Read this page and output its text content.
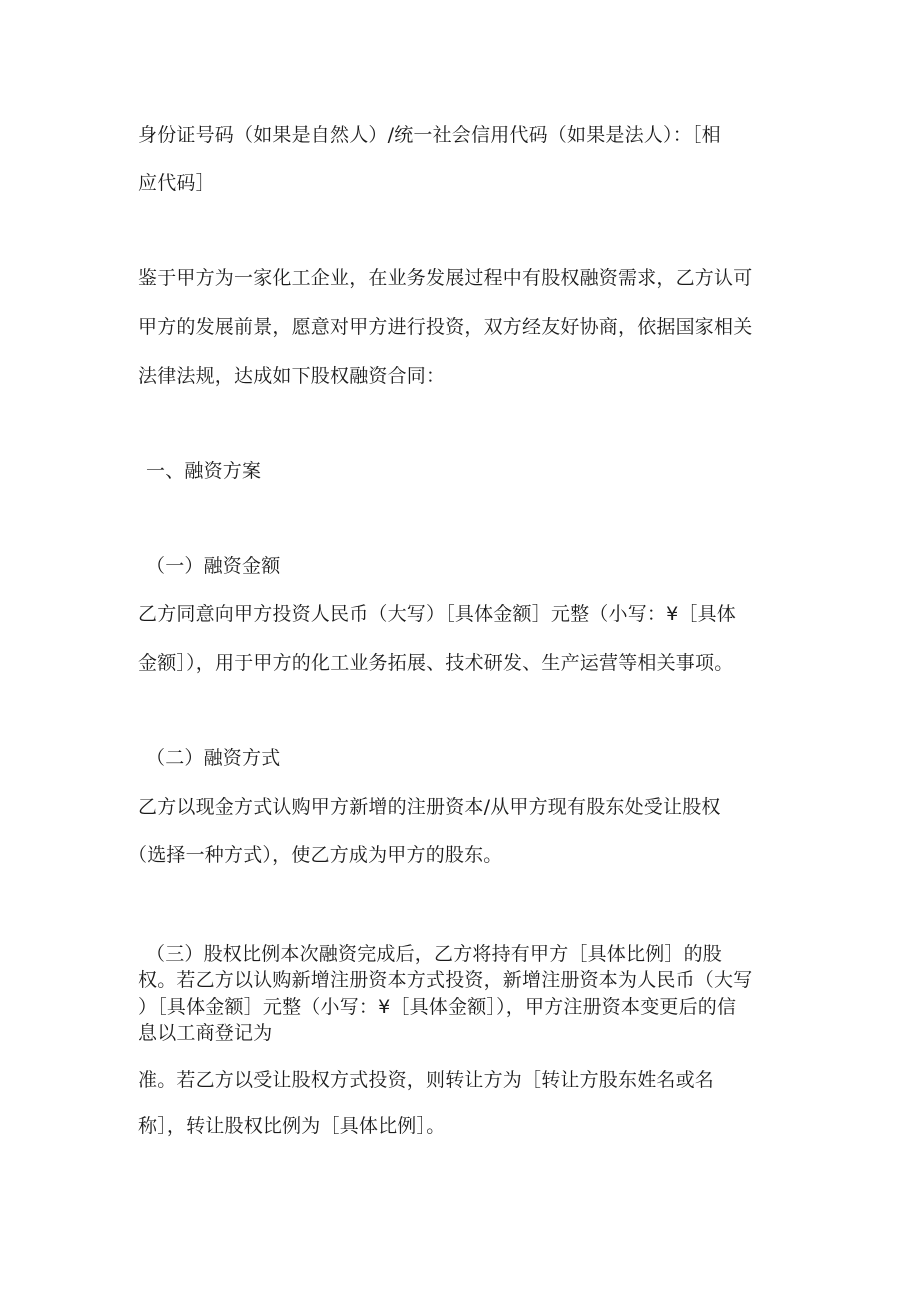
身份证号码（如果是自然人）/统一社会信用代码（如果是法人）：［相

应代码］

鉴于甲方为一家化工企业，在业务发展过程中有股权融资需求，乙方认可

甲方的发展前景，愿意对甲方进行投资，双方经友好协商，依据国家相关

法律法规，达成如下股权融资合同：

一、融资方案

（一）融资金额

乙方同意向甲方投资人民币（大写）［具体金额］元整（小写：¥［具体

金额］），用于甲方的化工业务拓展、技术研发、生产运营等相关事项。

（二）融资方式

乙方以现金方式认购甲方新增的注册资本/从甲方现有股东处受让股权

（选择一种方式），使乙方成为甲方的股东。

（三）股权比例本次融资完成后，乙方将持有甲方［具体比例］的股

权。若乙方以认购新增注册资本方式投资，新增注册资本为人民币（大写

）［具体金额］元整（小写：¥［具体金额］），甲方注册资本变更后的信

息以工商登记为

准。若乙方以受让股权方式投资，则转让方为［转让方股东姓名或名

称］，转让股权比例为［具体比例］。
